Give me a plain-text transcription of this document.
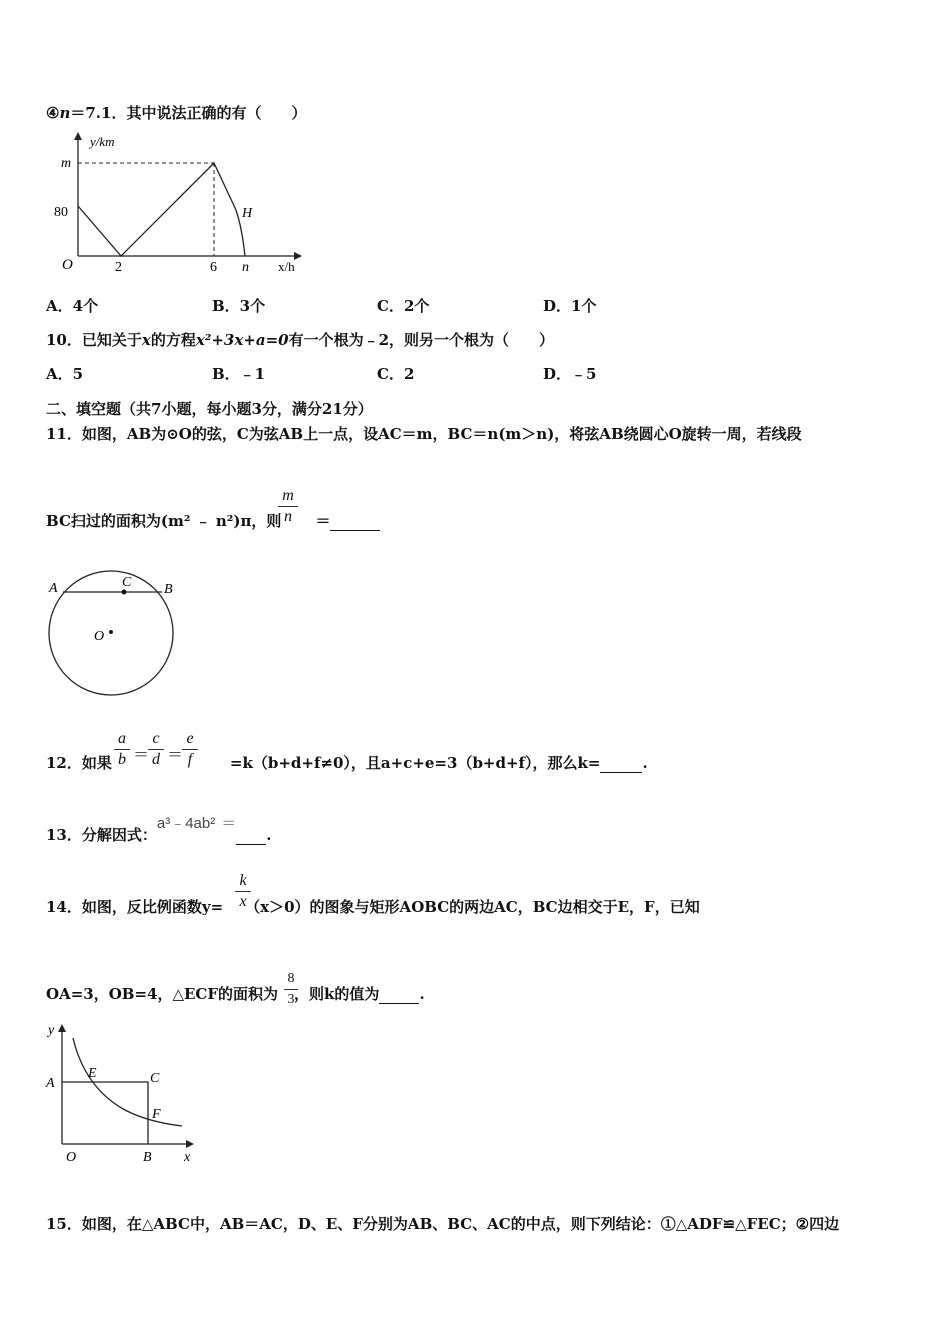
④n＝7.1．其中说法正确的有（　　）
y/km
m
80
O	2	6 n x/h
H
A．4个	B．3个	C．2个	D．1个
10．已知关于x的方程x²+3x+a=0有一个根为﹣2，则另一个根为（　　）
A．5	B．﹣1	C．2	D．﹣5
二、填空题（共7小题，每小题3分，满分21分）
11．如图，AB为⊙O的弦，C为弦AB上一点，设AC＝m，BC＝n(m＞n)，将弦AB绕圆心O旋转一周，若线段
BC扫过的面积为(m² ﹣ n²)π，则 ＝
m
n
A	C B
O
12．如果	=k（b+d+f≠0），且a+c+e=3（b+d+f），那么k=	.
a
b ＝
c
d ＝
e
f
13．分解因式：a³﹣4ab² ＝.
14．如图，反比例函数y= （x＞0）的图象与矩形AOBC的两边AC，BC边相交于E，F，已知
k
x
OA=3，OB=4，△ECF的面积为 ，则k的值为	.
8
3
y
A
E	C
F
O	B x
15．如图，在△ABC中，AB＝AC，D、E、F分别为AB、BC、AC的中点，则下列结论：①△ADF≌△FEC；②四边
